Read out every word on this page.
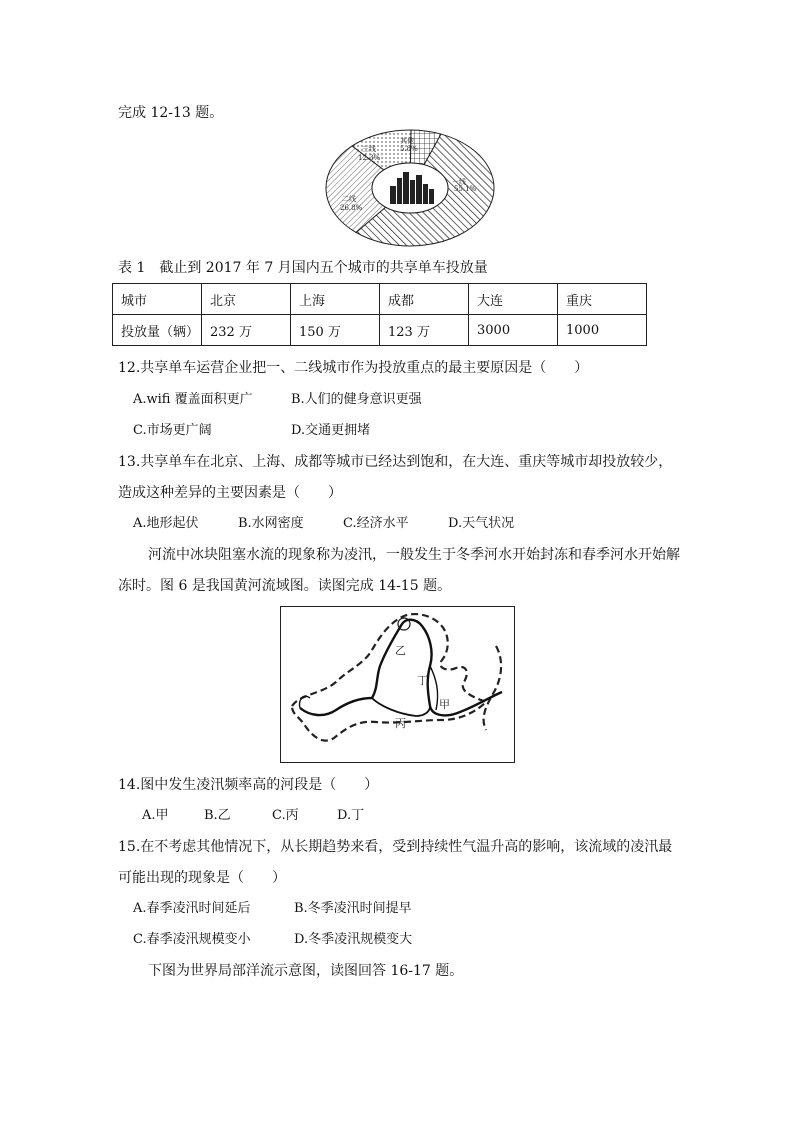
完成 12-13 题。
一线
55.1%
二线
26.8%
三线
12.3%
其他
5.8%
表 1　截止到 2017 年 7 月国内五个城市的共享单车投放量
城市	北京	上海	成都	大连	重庆
投放量（辆）	232 万	150 万	123 万	3000	1000
12.共享单车运营企业把一、二线城市作为投放重点的最主要原因是（　　）
A.wifi 覆盖面积更广	B.人们的健身意识更强
C.市场更广阔	D.交通更拥堵
13.共享单车在北京、上海、成都等城市已经达到饱和，在大连、重庆等城市却投放较少，
造成这种差异的主要因素是（　　）
A.地形起伏	B.水网密度	C.经济水平	D.天气状况
河流中冰块阻塞水流的现象称为凌汛，一般发生于冬季河水开始封冻和春季河水开始解
冻时。图 6 是我国黄河流域图。读图完成 14-15 题。
乙
丁
甲
丙
14.图中发生凌汛频率高的河段是（　　）
A.甲	B.乙	C.丙	D.丁
15.在不考虑其他情况下，从长期趋势来看，受到持续性气温升高的影响，该流域的凌汛最
可能出现的现象是（　　）
A.春季凌汛时间延后	B.冬季凌汛时间提早
C.春季凌汛规模变小	D.冬季凌汛规模变大
下图为世界局部洋流示意图，读图回答 16-17 题。
